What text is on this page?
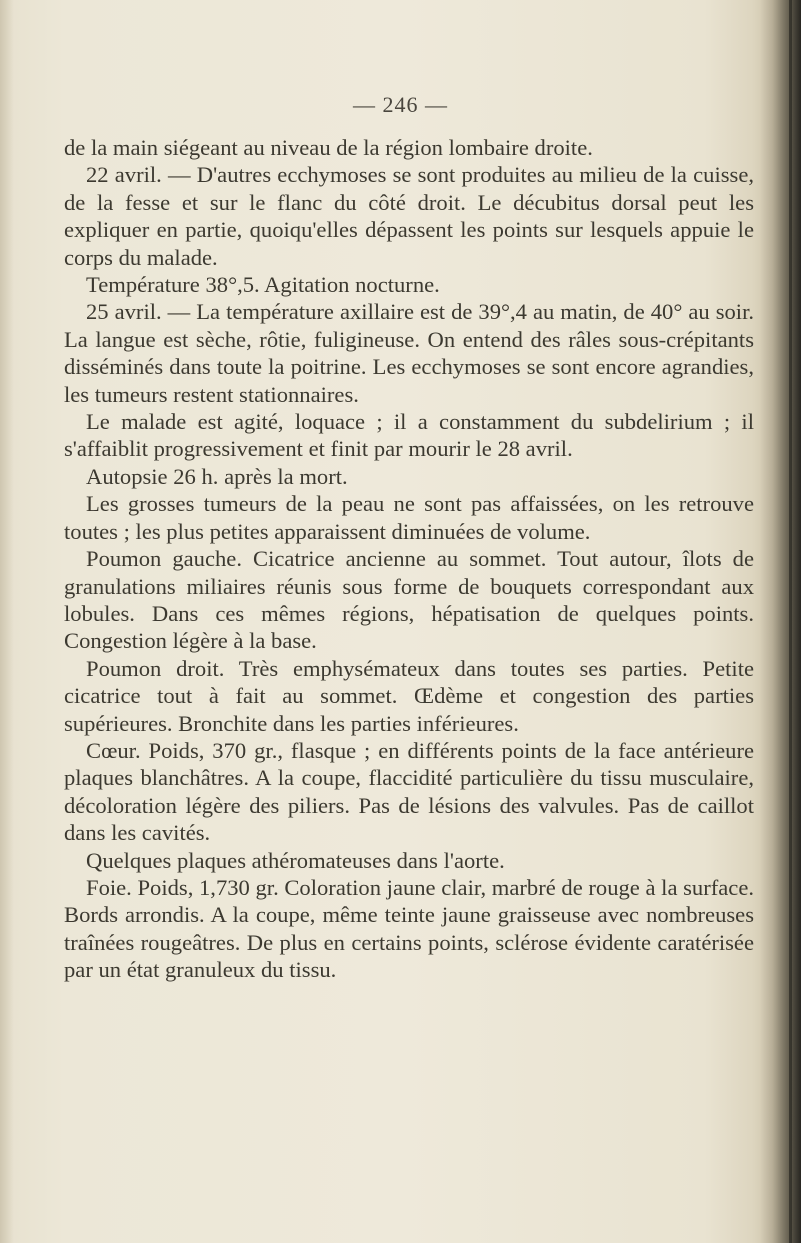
— 246 —

de la main siégeant au niveau de la région lombaire droite.

22 avril. — D'autres ecchymoses se sont produites au milieu de la cuisse, de la fesse et sur le flanc du côté droit. Le décubitus dorsal peut les expliquer en partie, quoiqu'elles dépassent les points sur lesquels appuie le corps du malade.

Température 38°,5. Agitation nocturne.

25 avril. — La température axillaire est de 39°,4 au matin, de 40° au soir. La langue est sèche, rôtie, fuligineuse. On entend des râles sous-crépitants disséminés dans toute la poitrine. Les ecchymoses se sont encore agrandies, les tumeurs restent stationnaires.

Le malade est agité, loquace ; il a constamment du subdelirium ; il s'affaiblit progressivement et finit par mourir le 28 avril.

Autopsie 26 h. après la mort.

Les grosses tumeurs de la peau ne sont pas affaissées, on les retrouve toutes ; les plus petites apparaissent diminuées de volume.

Poumon gauche. Cicatrice ancienne au sommet. Tout autour, îlots de granulations miliaires réunis sous forme de bouquets correspondant aux lobules. Dans ces mêmes régions, hépatisation de quelques points. Congestion légère à la base.

Poumon droit. Très emphysémateux dans toutes ses parties. Petite cicatrice tout à fait au sommet. Œdème et congestion des parties supérieures. Bronchite dans les parties inférieures.

Cœur. Poids, 370 gr., flasque ; en différents points de la face antérieure plaques blanchâtres. A la coupe, flaccidité particulière du tissu musculaire, décoloration légère des piliers. Pas de lésions des valvules. Pas de caillot dans les cavités.

Quelques plaques athéromateuses dans l'aorte.

Foie. Poids, 1,730 gr. Coloration jaune clair, marbré de rouge à la surface. Bords arrondis. A la coupe, même teinte jaune graisseuse avec nombreuses traînées rougeâtres. De plus en certains points, sclérose évidente caratérisée par un état granuleux du tissu.
